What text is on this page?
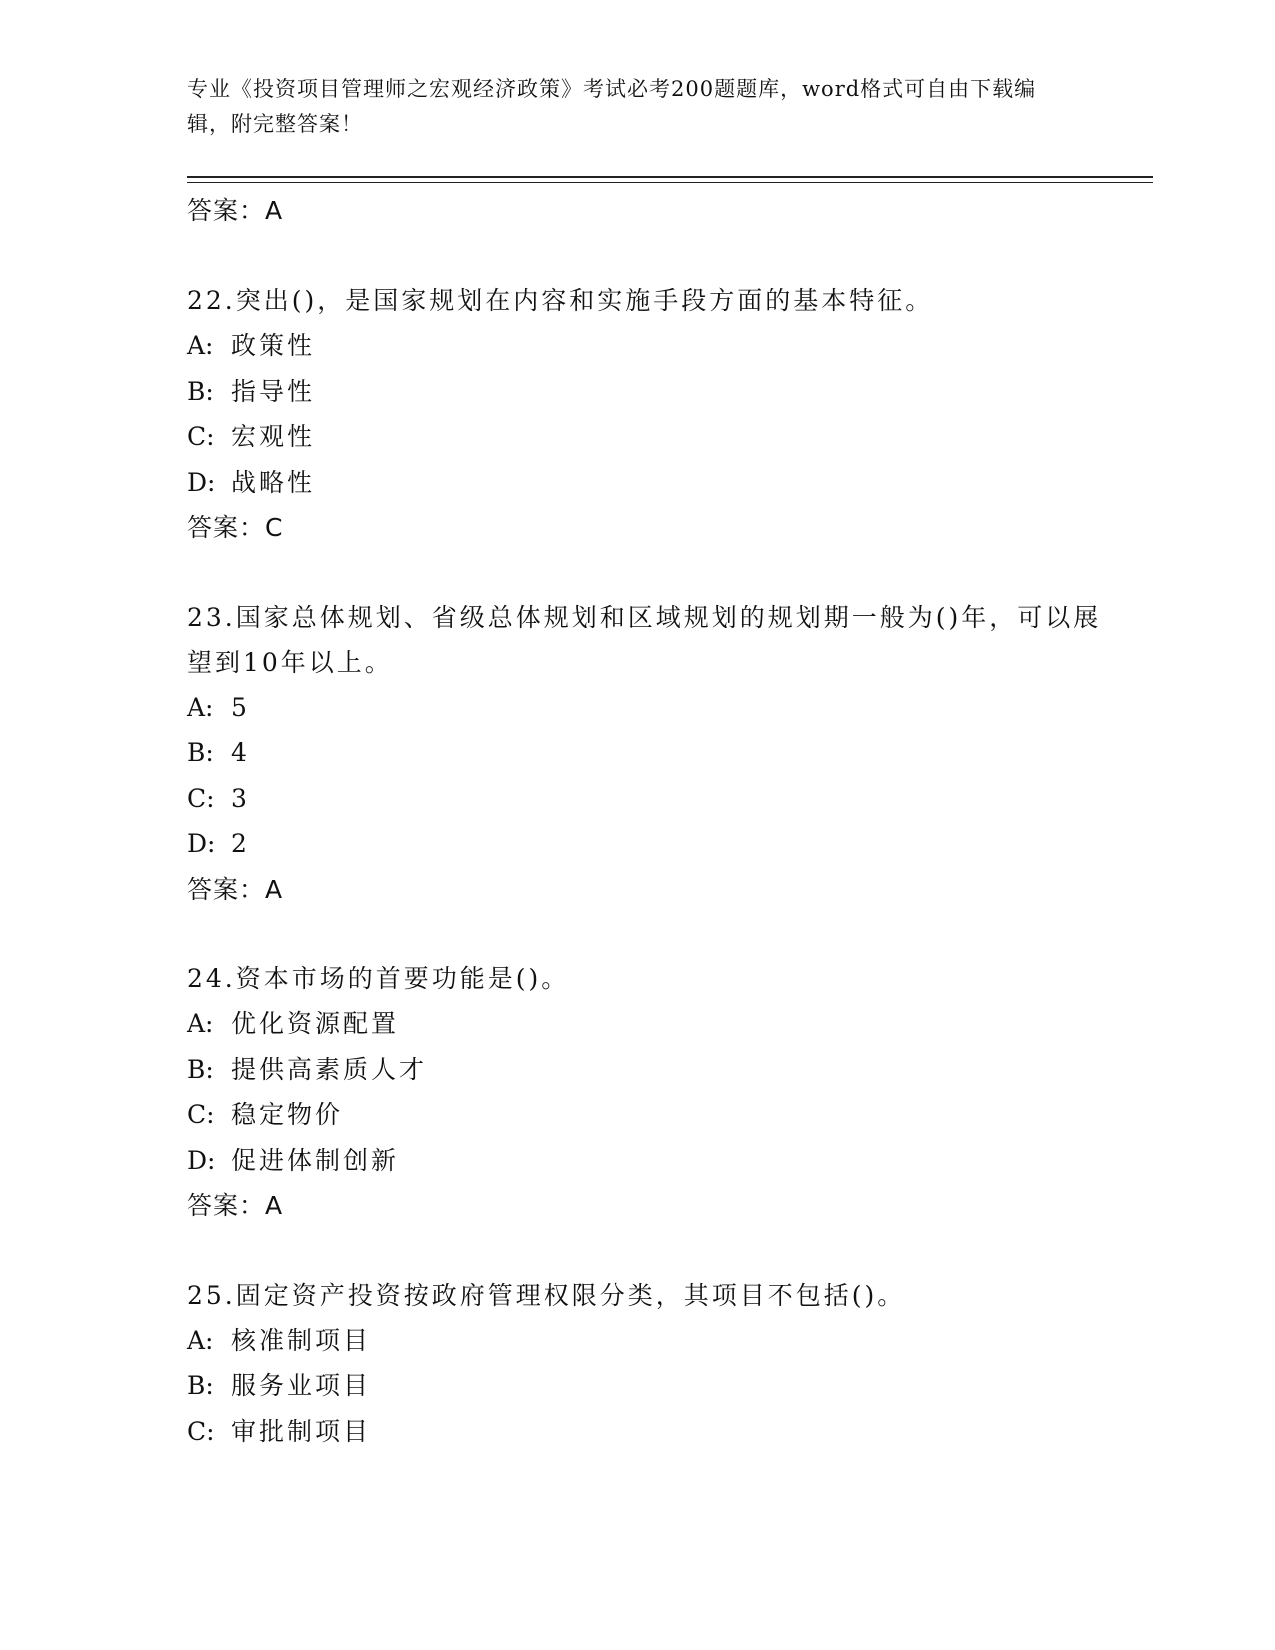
专业《投资项目管理师之宏观经济政策》考试必考200题题库，word格式可自由下载编辑，附完整答案！
答案：A
22.突出()，是国家规划在内容和实施手段方面的基本特征。
A: 政策性
B: 指导性
C: 宏观性
D: 战略性
答案：C
23.国家总体规划、省级总体规划和区域规划的规划期一般为()年，可以展望到10年以上。
A: 5
B: 4
C: 3
D: 2
答案：A
24.资本市场的首要功能是()。
A: 优化资源配置
B: 提供高素质人才
C: 稳定物价
D: 促进体制创新
答案：A
25.固定资产投资按政府管理权限分类，其项目不包括()。
A: 核准制项目
B: 服务业项目
C: 审批制项目
